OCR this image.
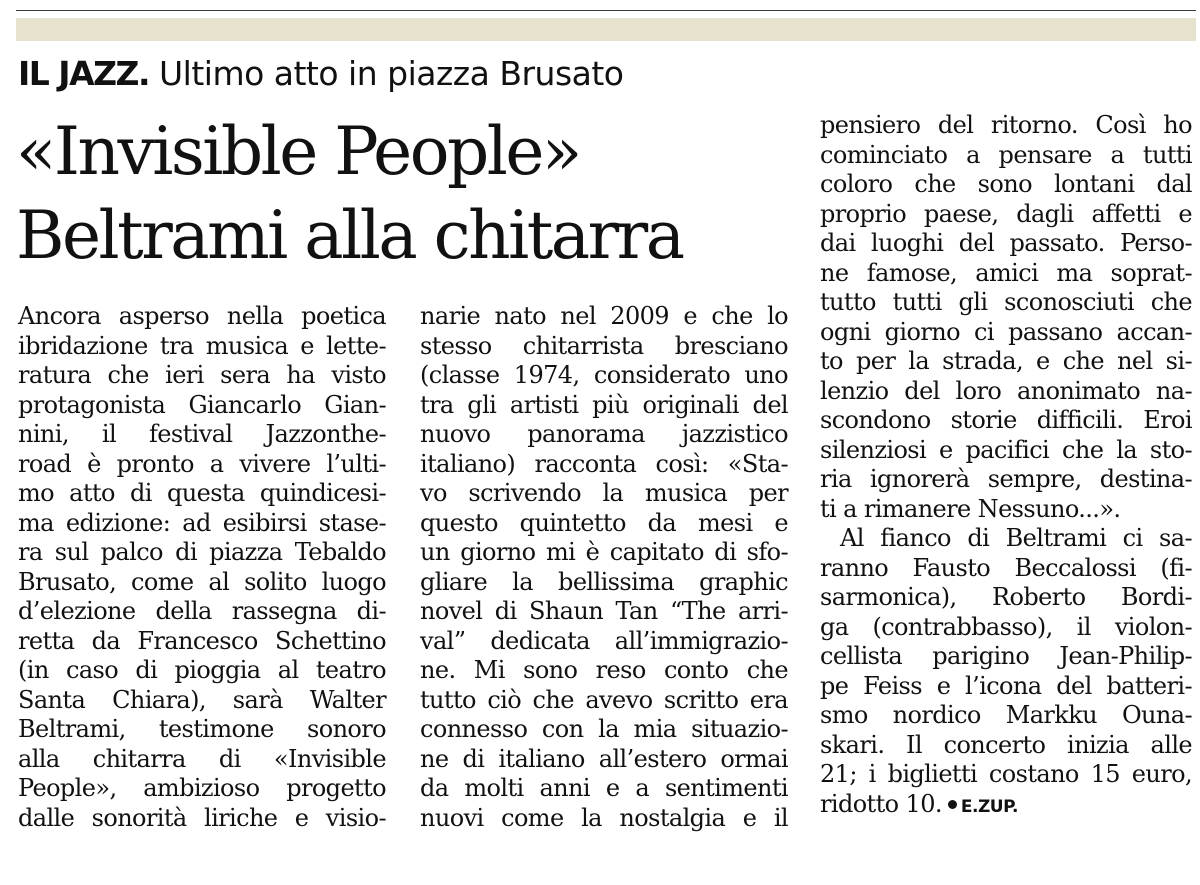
IL JAZZ. Ultimo atto in piazza Brusato
«Invisible People»
Beltrami alla chitarra
Ancora asperso nella poetica
ibridazione tra musica e lette-
ratura che ieri sera ha visto
protagonista Giancarlo Gian-
nini, il festival Jazzonthe-
road è pronto a vivere l’ulti-
mo atto di questa quindicesi-
ma edizione: ad esibirsi stase-
ra sul palco di piazza Tebaldo
Brusato, come al solito luogo
d’elezione della rassegna di-
retta da Francesco Schettino
(in caso di pioggia al teatro
Santa Chiara), sarà Walter
Beltrami, testimone sonoro
alla chitarra di «Invisible
People», ambizioso progetto
dalle sonorità liriche e visio-
narie nato nel 2009 e che lo
stesso chitarrista bresciano
(classe 1974, considerato uno
tra gli artisti più originali del
nuovo panorama jazzistico
italiano) racconta così: «Sta-
vo scrivendo la musica per
questo quintetto da mesi e
un giorno mi è capitato di sfo-
gliare la bellissima graphic
novel di Shaun Tan “The arri-
val” dedicata all’immigrazio-
ne. Mi sono reso conto che
tutto ciò che avevo scritto era
connesso con la mia situazio-
ne di italiano all’estero ormai
da molti anni e a sentimenti
nuovi come la nostalgia e il
pensiero del ritorno. Così ho
cominciato a pensare a tutti
coloro che sono lontani dal
proprio paese, dagli affetti e
dai luoghi del passato. Perso-
ne famose, amici ma soprat-
tutto tutti gli sconosciuti che
ogni giorno ci passano accan-
to per la strada, e che nel si-
lenzio del loro anonimato na-
scondono storie difficili. Eroi
silenziosi e pacifici che la sto-
ria ignorerà sempre, destina-
ti a rimanere Nessuno...».
Al fianco di Beltrami ci sa-
ranno Fausto Beccalossi (fi-
sarmonica), Roberto Bordi-
ga (contrabbasso), il violon-
cellista parigino Jean-Philip-
pe Feiss e l’icona del batteri-
smo nordico Markku Ouna-
skari. Il concerto inizia alle
21; i biglietti costano 15 euro,
ridotto 10. E.ZUP.
